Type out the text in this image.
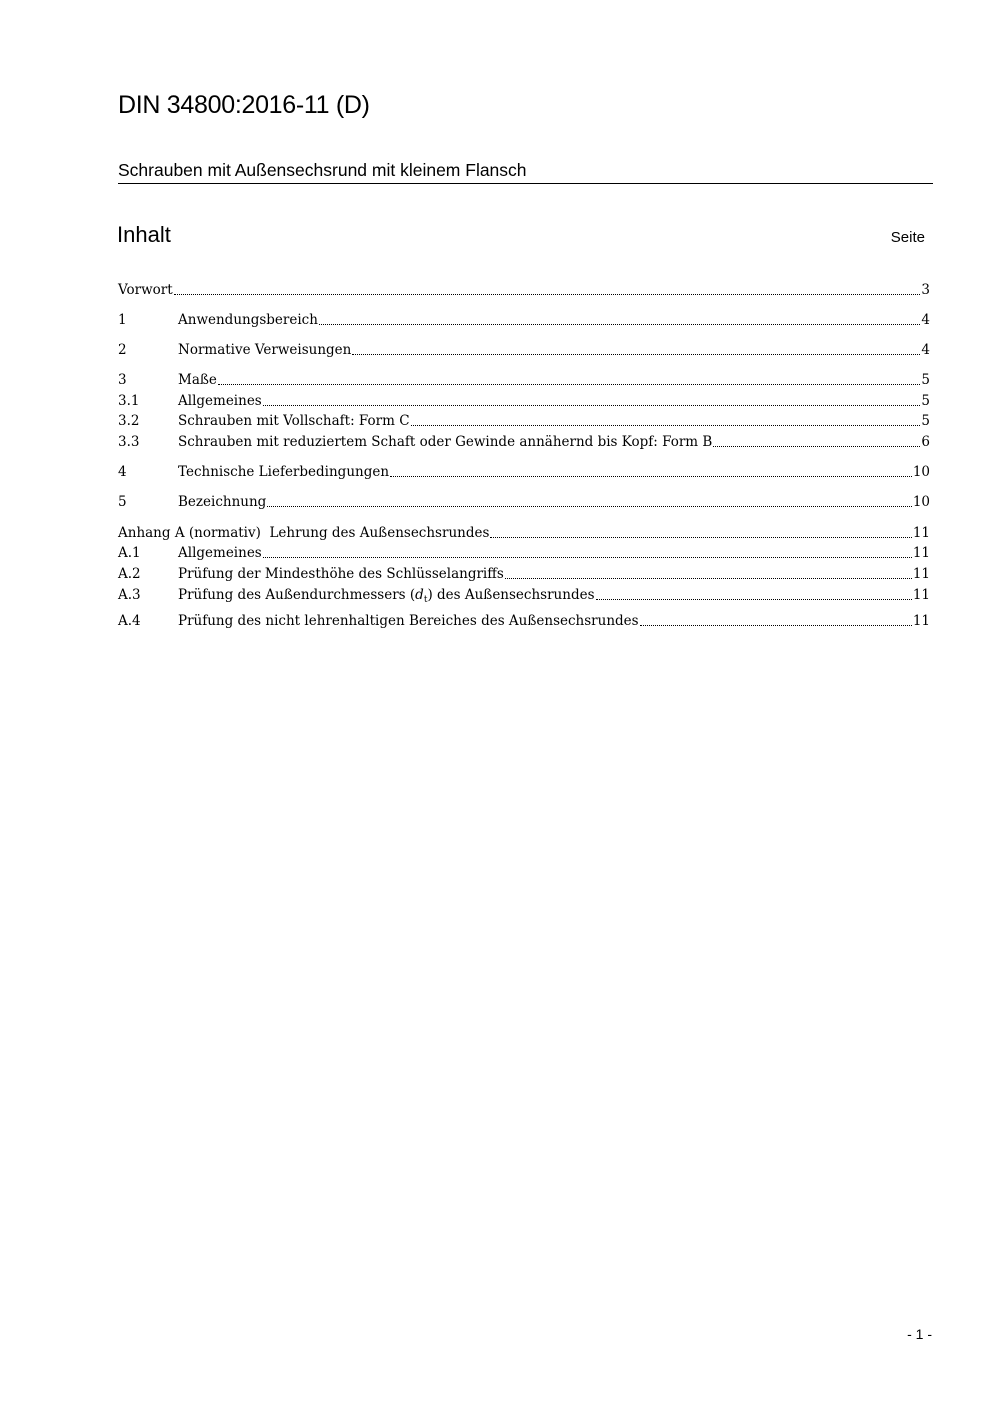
DIN 34800:2016-11 (D)
Schrauben mit Außensechsrund mit kleinem Flansch
Inhalt	Seite
Vorwort	3
1	Anwendungsbereich	4
2	Normative Verweisungen	4
3	Maße	5
3.1	Allgemeines	5
3.2	Schrauben mit Vollschaft: Form C	5
3.3	Schrauben mit reduziertem Schaft oder Gewinde annähernd bis Kopf: Form B	6
4	Technische Lieferbedingungen	10
5	Bezeichnung	10
Anhang A (normativ)  Lehrung des Außensechsrundes	11
A.1	Allgemeines	11
A.2	Prüfung der Mindesthöhe des Schlüsselangriffs	11
A.3	Prüfung des Außendurchmessers $(d_t)$ des Außensechsrundes	11
A.4	Prüfung des nicht lehrenhaltigen Bereiches des Außensechsrundes	11
- 1 -
